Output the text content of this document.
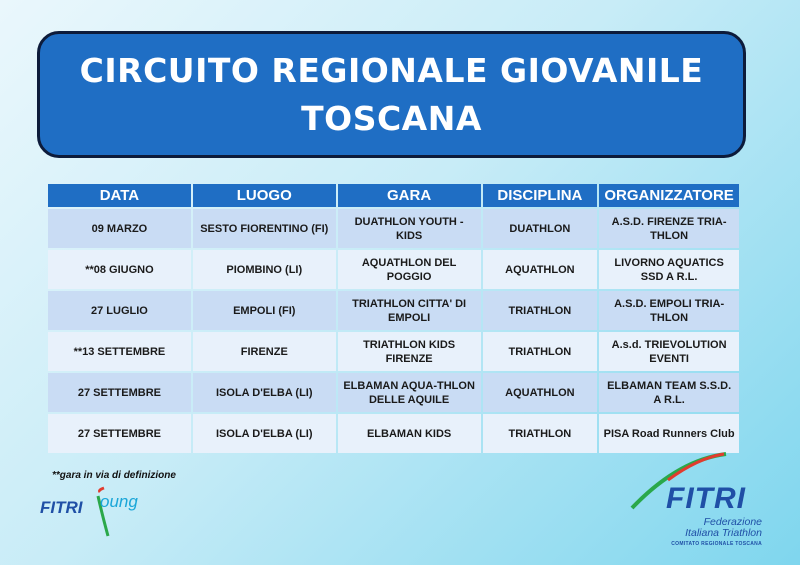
CIRCUITO REGIONALE GIOVANILE
TOSCANA
DATA	LUOGO	GARA	DISCIPLINA	ORGANIZZATORE
09 MARZO	SESTO FIORENTINO (FI)	DUATHLON YOUTH - KIDS	DUATHLON	A.S.D. FIRENZE TRIA-THLON
**08 GIUGNO	PIOMBINO (LI)	AQUATHLON DEL POGGIO	AQUATHLON	LIVORNO AQUATICS SSD A R.L.
27 LUGLIO	EMPOLI (FI)	TRIATHLON CITTA' DI EMPOLI	TRIATHLON	A.S.D. EMPOLI TRIA-THLON
**13 SETTEMBRE	FIRENZE	TRIATHLON KIDS FIRENZE	TRIATHLON	A.s.d. TRIEVOLUTION EVENTI
27 SETTEMBRE	ISOLA D'ELBA (LI)	ELBAMAN AQUA-THLON DELLE AQUILE	AQUATHLON	ELBAMAN TEAM S.S.D. A R.L.
27 SETTEMBRE	ISOLA D'ELBA (LI)	ELBAMAN KIDS	TRIATHLON	PISA Road Runners Club
**gara in via di definizione
FITRI oung	FITRI
Federazione
Italiana Triathlon
COMITATO REGIONALE TOSCANA
